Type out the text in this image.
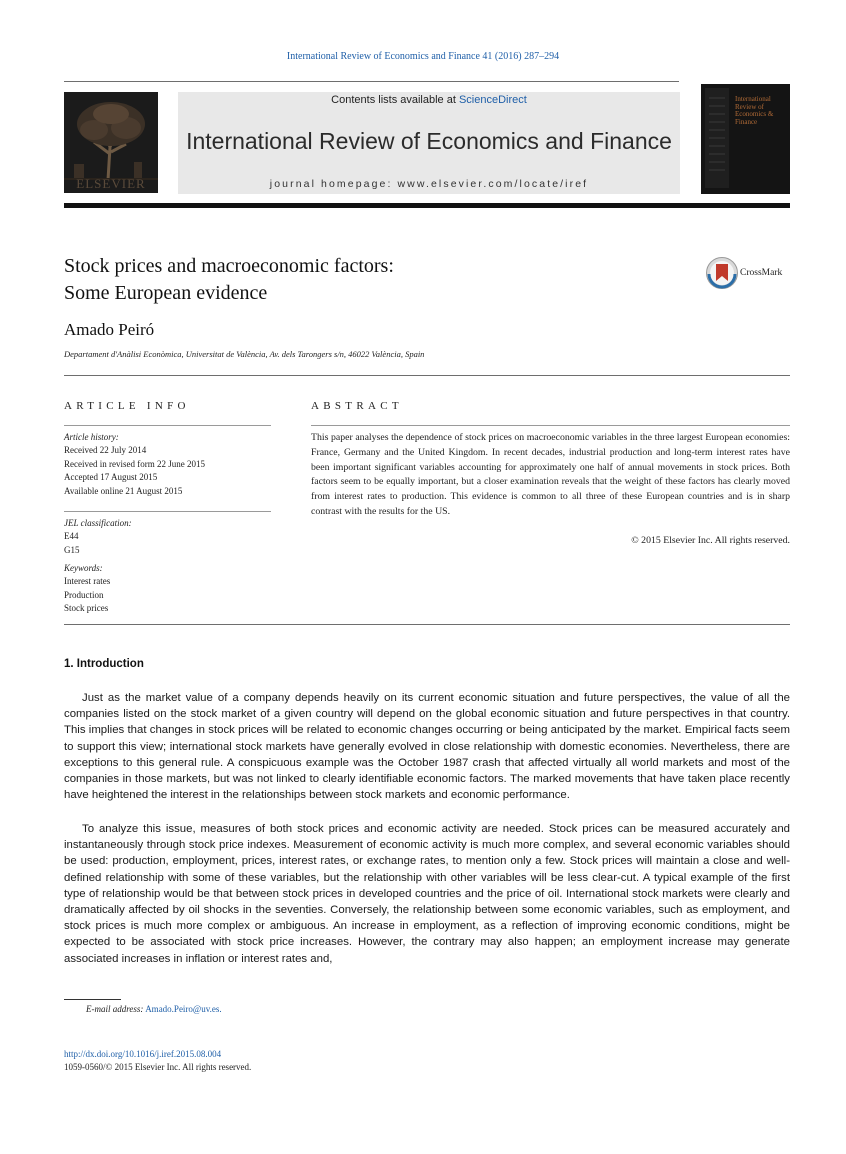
International Review of Economics and Finance 41 (2016) 287–294
ELSEVIER
Contents lists available at ScienceDirect
International Review of Economics and Finance
journal homepage: www.elsevier.com/locate/iref
International Review of Economics & Finance
Stock prices and macroeconomic factors:
Some European evidence
CrossMark
Amado Peiró
Departament d'Anàlisi Econòmica, Universitat de València, Av. dels Tarongers s/n, 46022 València, Spain
ARTICLE INFO	ABSTRACT
Article history:
Received 22 July 2014
Received in revised form 22 June 2015
Accepted 17 August 2015
Available online 21 August 2015
JEL classification:
E44
G15
Keywords:
Interest rates
Production
Stock prices
This paper analyses the dependence of stock prices on macroeconomic variables in the three largest European economies: France, Germany and the United Kingdom. In recent decades, industrial production and long-term interest rates have been important significant variables accounting for approximately one half of annual movements in stock prices. Both factors seem to be equally important, but a closer examination reveals that the weight of these factors has clearly moved from interest rates to production. This evidence is common to all three of these European countries and is in sharp contrast with the results for the US.
© 2015 Elsevier Inc. All rights reserved.
1. Introduction
Just as the market value of a company depends heavily on its current economic situation and future perspectives, the value of all the companies listed on the stock market of a given country will depend on the global economic situation and future perspectives in that country. This implies that changes in stock prices will be related to economic changes occurring or being anticipated by the market. Empirical facts seem to support this view; international stock markets have generally evolved in close relationship with domestic economies. Nevertheless, there are exceptions to this general rule. A conspicuous example was the October 1987 crash that affected virtually all world markets and most of the companies in those markets, but was not linked to clearly identifiable economic factors. The marked movements that have taken place recently have heightened the interest in the relationships between stock markets and economic performance.
To analyze this issue, measures of both stock prices and economic activity are needed. Stock prices can be measured accurately and instantaneously through stock price indexes. Measurement of economic activity is much more complex, and several economic variables should be used: production, employment, prices, interest rates, or exchange rates, to mention only a few. Stock prices will maintain a close and well-defined relationship with some of these variables, but the relationship with other variables will be less clear-cut. A typical example of the first type of relationship would be that between stock prices in developed countries and the price of oil. International stock markets were clearly and dramatically affected by oil shocks in the seventies. Conversely, the relationship between some economic variables, such as employment, and stock prices is much more complex or ambiguous. An increase in employment, as a reflection of improving economic conditions, might be expected to be associated with stock price increases. However, the contrary may also happen; an employment increase may generate associated increases in inflation or interest rates and,
E-mail address: Amado.Peiro@uv.es.
http://dx.doi.org/10.1016/j.iref.2015.08.004
1059-0560/© 2015 Elsevier Inc. All rights reserved.
